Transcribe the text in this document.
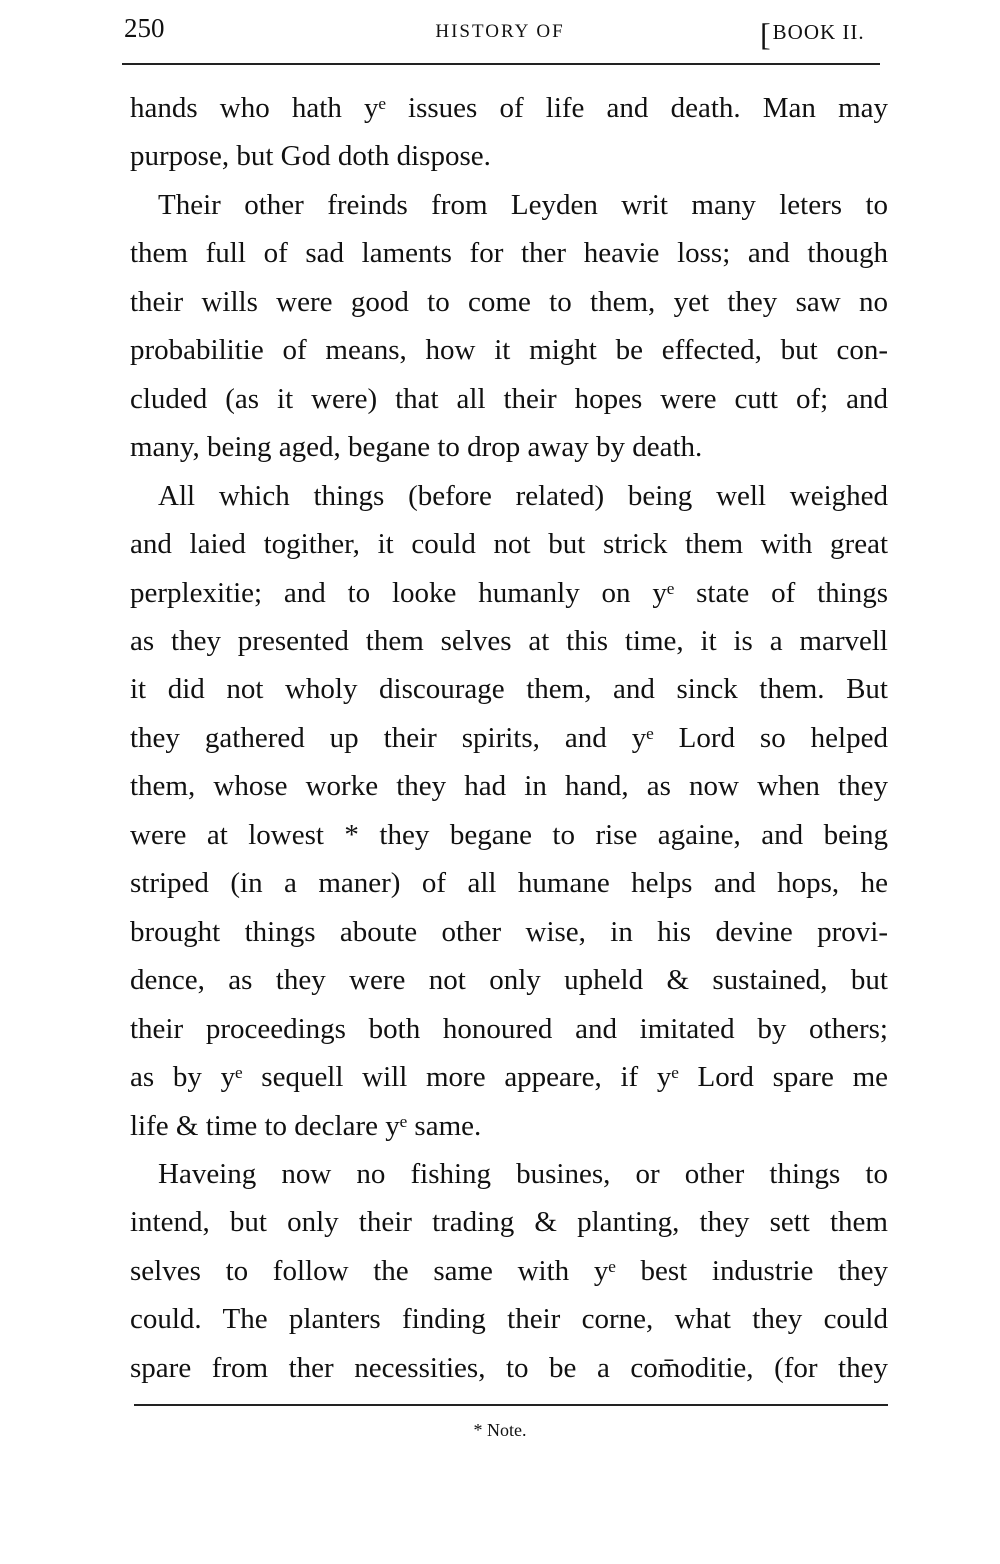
250	HISTORY OF	[BOOK II.
hands who hath yᵉ issues of life and death. Man may
purpose, but God doth dispose.
Their other freinds from Leyden writ many leters to
them full of sad laments for ther heavie loss; and though
their wills were good to come to them, yet they saw no
probabilitie of means, how it might be effected, but con-
cluded (as it were) that all their hopes were cutt of; and
many, being aged, begane to drop away by death.
All which things (before related) being well weighed
and laied togither, it could not but strick them with great
perplexitie; and to looke humanly on yᵉ state of things
as they presented them selves at this time, it is a marvell
it did not wholy discourage them, and sinck them. But
they gathered up their spirits, and yᵉ Lord so helped
them, whose worke they had in hand, as now when they
were at lowest * they begane to rise againe, and being
striped (in a maner) of all humane helps and hops, he
brought things aboute other wise, in his devine provi-
dence, as they were not only upheld & sustained, but
their proceedings both honoured and imitated by others;
as by yᵉ sequell will more appeare, if yᵉ Lord spare me
life & time to declare yᵉ same.
Haveing now no fishing busines, or other things to
intend, but only their trading & planting, they sett them
selves to follow the same with yᵉ best industrie they
could. The planters finding their corne, what they could
spare from ther necessities, to be a com̄oditie, (for they
* Note.
